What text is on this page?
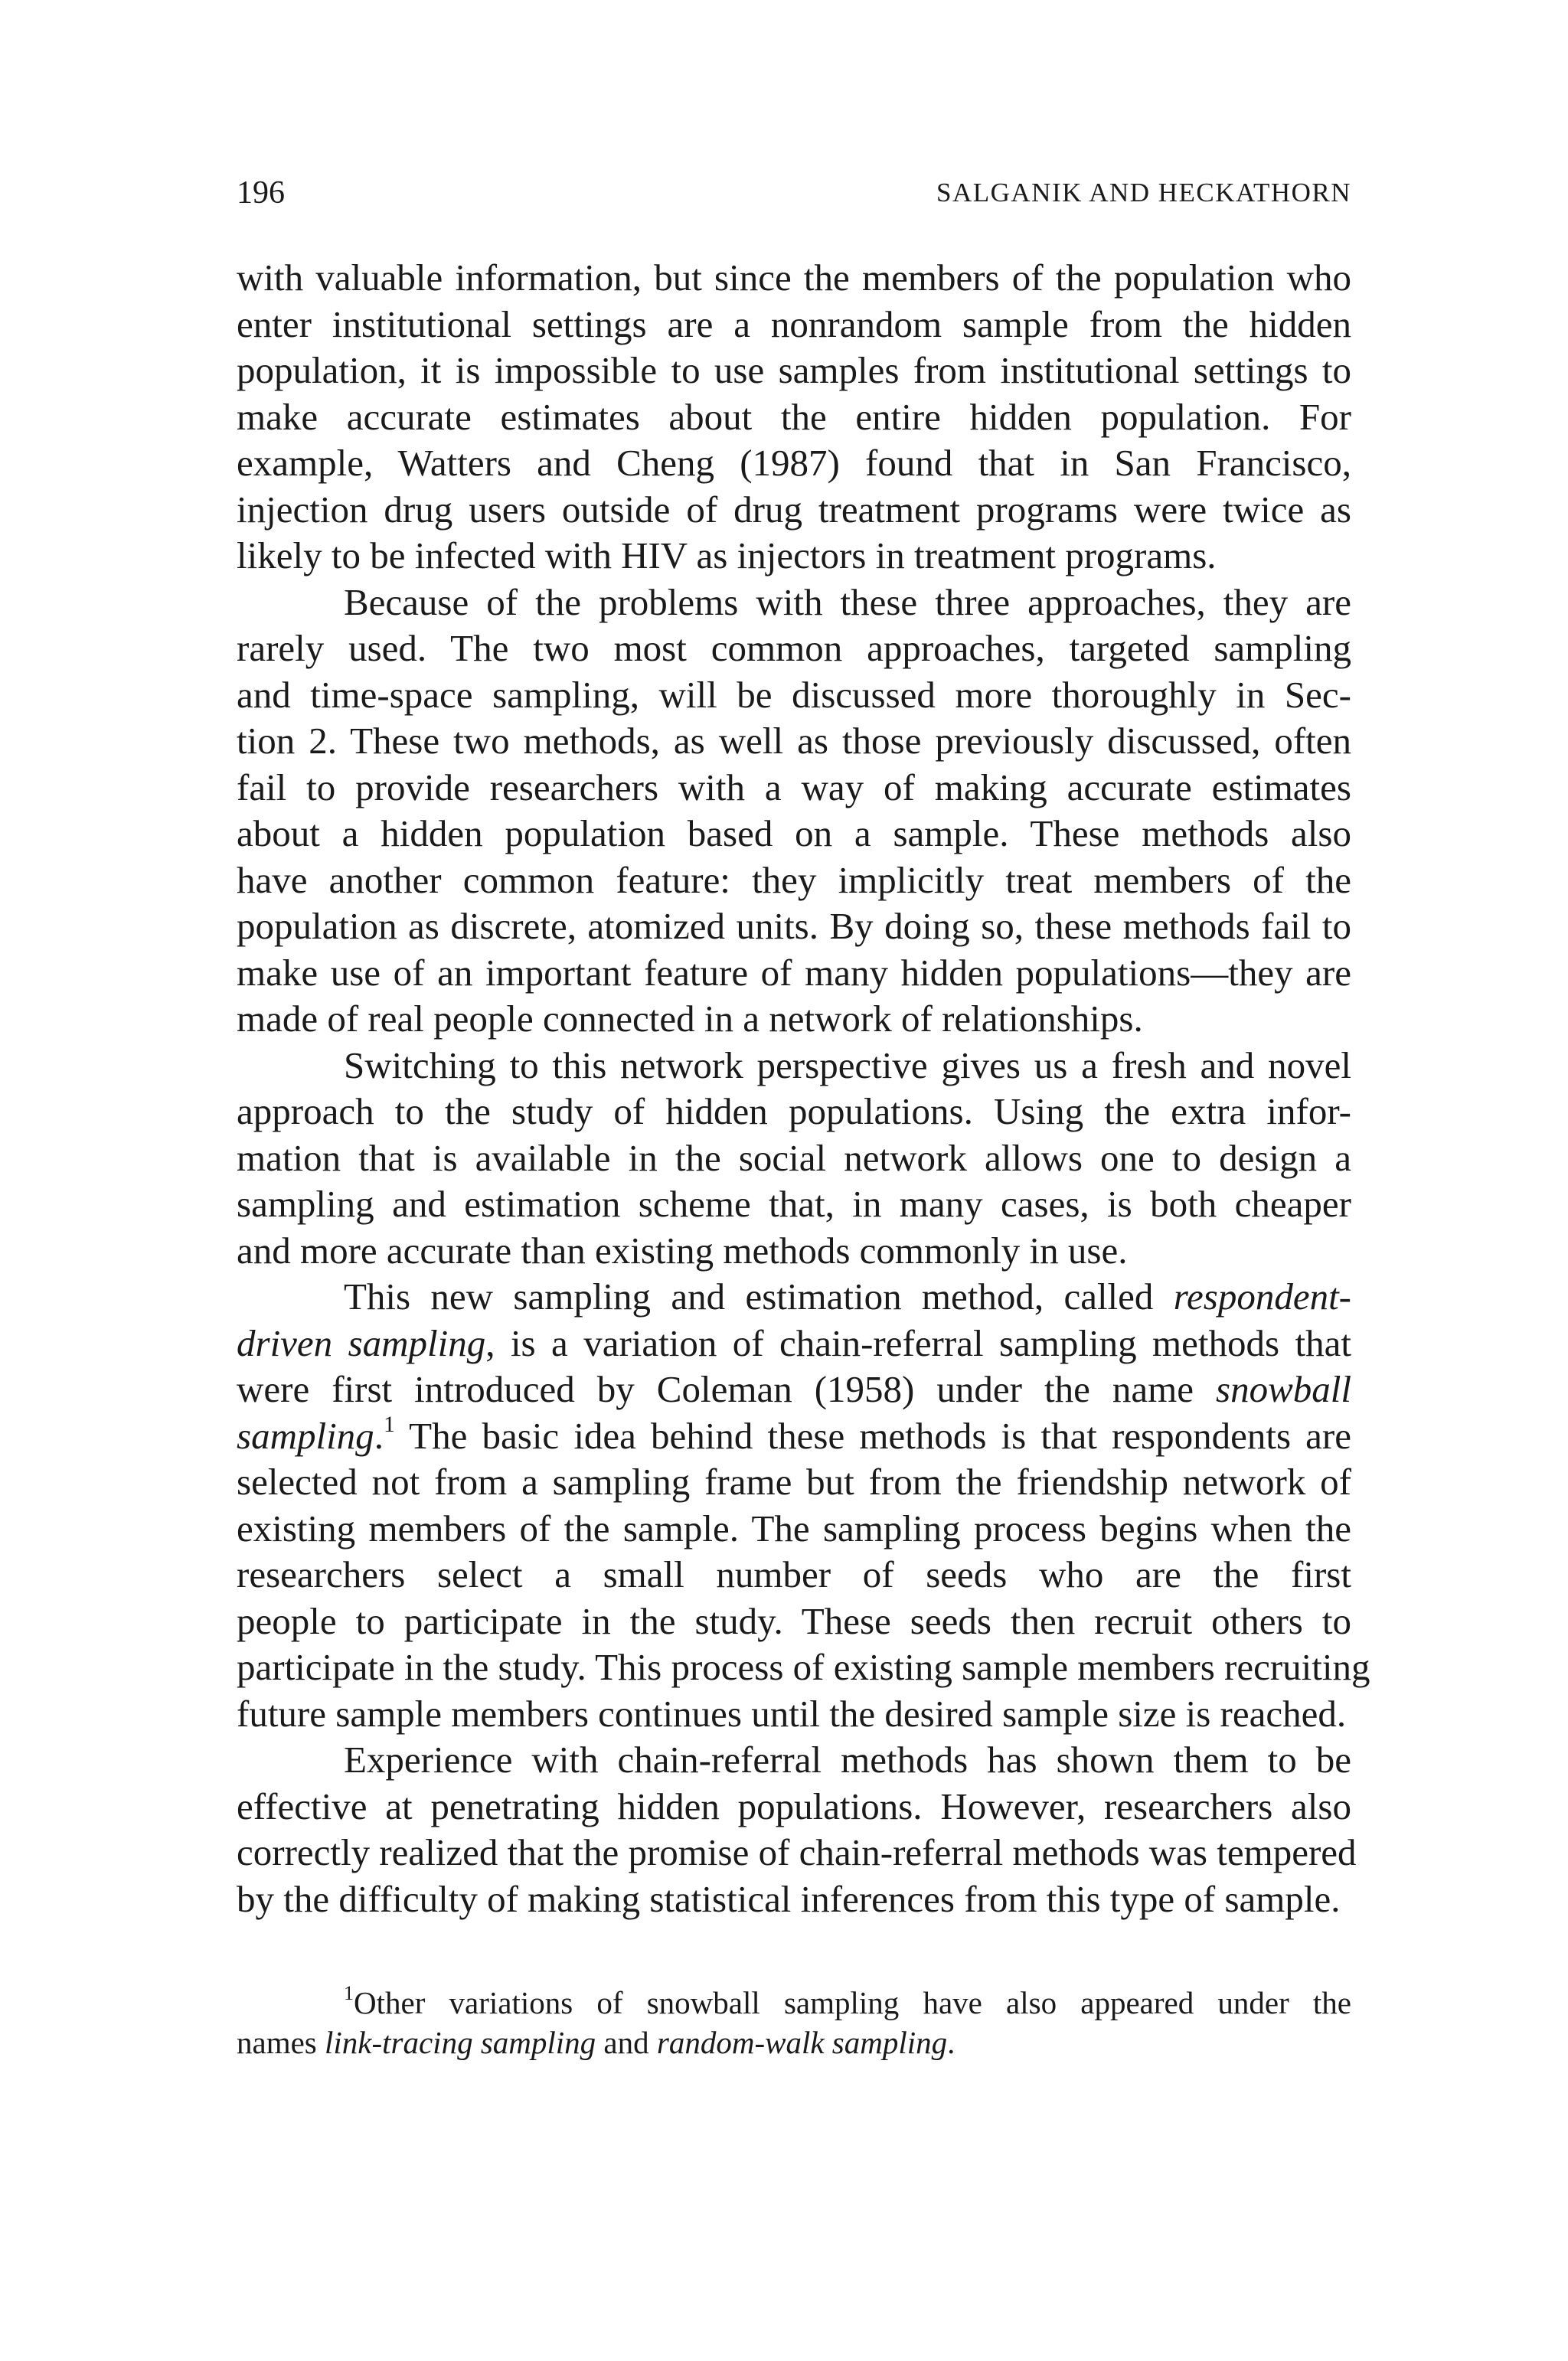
196	SALGANIK AND HECKATHORN
with valuable information, but since the members of the population who
enter institutional settings are a nonrandom sample from the hidden
population, it is impossible to use samples from institutional settings to
make accurate estimates about the entire hidden population. For
example, Watters and Cheng (1987) found that in San Francisco,
injection drug users outside of drug treatment programs were twice as
likely to be infected with HIV as injectors in treatment programs.
Because of the problems with these three approaches, they are
rarely used. The two most common approaches, targeted sampling
and time-space sampling, will be discussed more thoroughly in Sec-
tion 2. These two methods, as well as those previously discussed, often
fail to provide researchers with a way of making accurate estimates
about a hidden population based on a sample. These methods also
have another common feature: they implicitly treat members of the
population as discrete, atomized units. By doing so, these methods fail to
make use of an important feature of many hidden populations—they are
made of real people connected in a network of relationships.
Switching to this network perspective gives us a fresh and novel
approach to the study of hidden populations. Using the extra infor-
mation that is available in the social network allows one to design a
sampling and estimation scheme that, in many cases, is both cheaper
and more accurate than existing methods commonly in use.
This new sampling and estimation method, called respondent-
driven sampling, is a variation of chain-referral sampling methods that
were first introduced by Coleman (1958) under the name snowball
sampling.$^1$ The basic idea behind these methods is that respondents are
selected not from a sampling frame but from the friendship network of
existing members of the sample. The sampling process begins when the
researchers select a small number of seeds who are the first
people to participate in the study. These seeds then recruit others to
participate in the study. This process of existing sample members recruiting
future sample members continues until the desired sample size is reached.
Experience with chain-referral methods has shown them to be
effective at penetrating hidden populations. However, researchers also
correctly realized that the promise of chain-referral methods was tempered
by the difficulty of making statistical inferences from this type of sample.
$^1$Other variations of snowball sampling have also appeared under the
names link-tracing sampling and random-walk sampling.
